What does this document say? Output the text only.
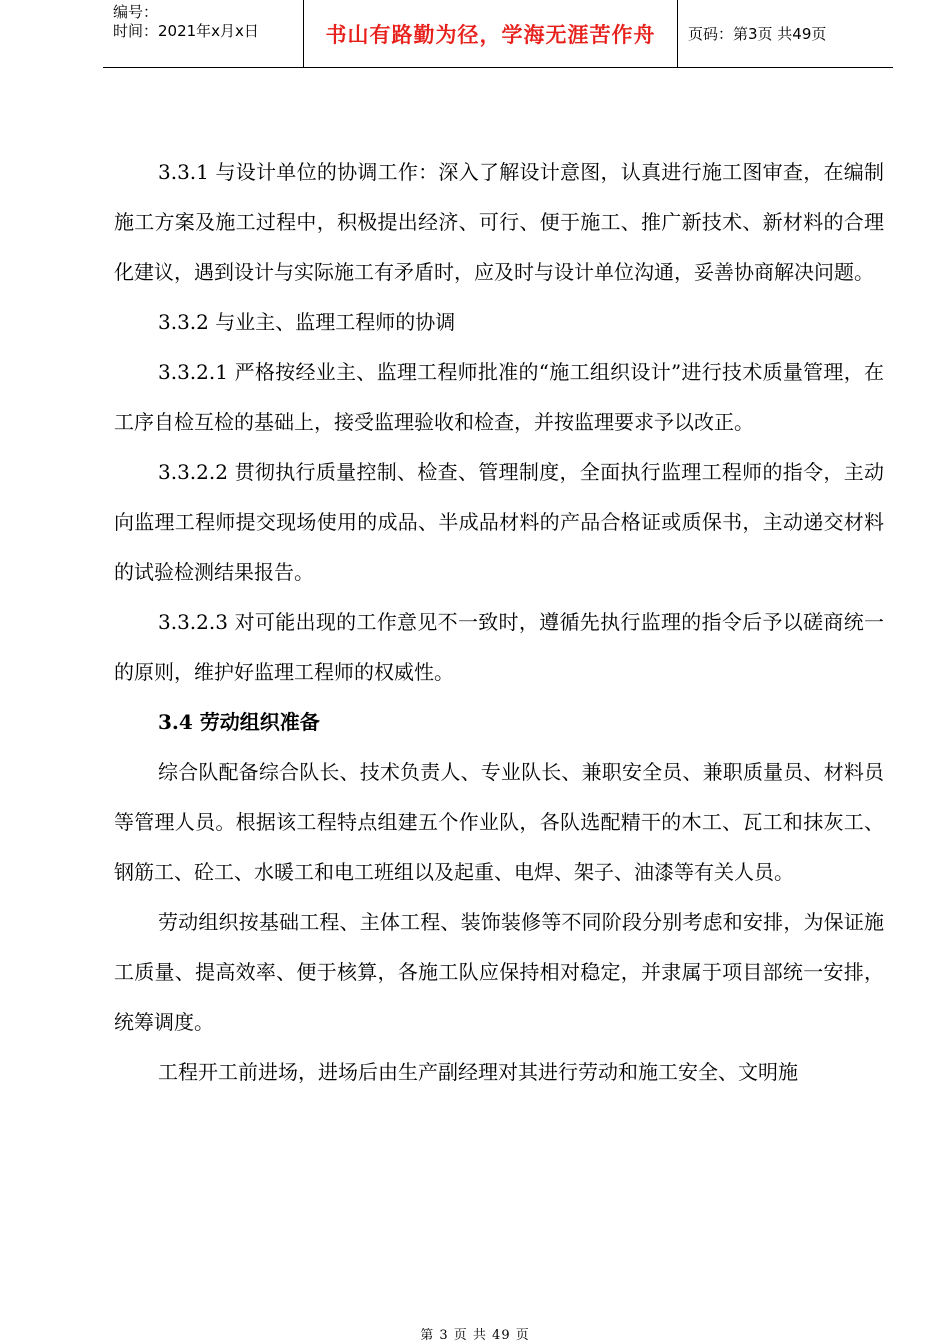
编号：
时间：2021年x月x日	书山有路勤为径，学海无涯苦作舟 页码：第3页 共49页

3.3.1 与设计单位的协调工作：深入了解设计意图，认真进行施工图审查，在编制施工方案及施工过程中，积极提出经济、可行、便于施工、推广新技术、新材料的合理化建议，遇到设计与实际施工有矛盾时，应及时与设计单位沟通，妥善协商解决问题。

3.3.2 与业主、监理工程师的协调

3.3.2.1 严格按经业主、监理工程师批准的“施工组织设计”进行技术质量管理，在工序自检互检的基础上，接受监理验收和检查，并按监理要求予以改正。

3.3.2.2 贯彻执行质量控制、检查、管理制度，全面执行监理工程师的指令，主动向监理工程师提交现场使用的成品、半成品材料的产品合格证或质保书，主动递交材料的试验检测结果报告。

3.3.2.3 对可能出现的工作意见不一致时，遵循先执行监理的指令后予以磋商统一的原则，维护好监理工程师的权威性。

3.4 劳动组织准备

综合队配备综合队长、技术负责人、专业队长、兼职安全员、兼职质量员、材料员等管理人员。根据该工程特点组建五个作业队，各队选配精干的木工、瓦工和抹灰工、钢筋工、砼工、水暖工和电工班组以及起重、电焊、架子、油漆等有关人员。

劳动组织按基础工程、主体工程、装饰装修等不同阶段分别考虑和安排，为保证施工质量、提高效率、便于核算，各施工队应保持相对稳定，并隶属于项目部统一安排，统筹调度。

工程开工前进场，进场后由生产副经理对其进行劳动和施工安全、文明施

第 3 页 共 49 页
